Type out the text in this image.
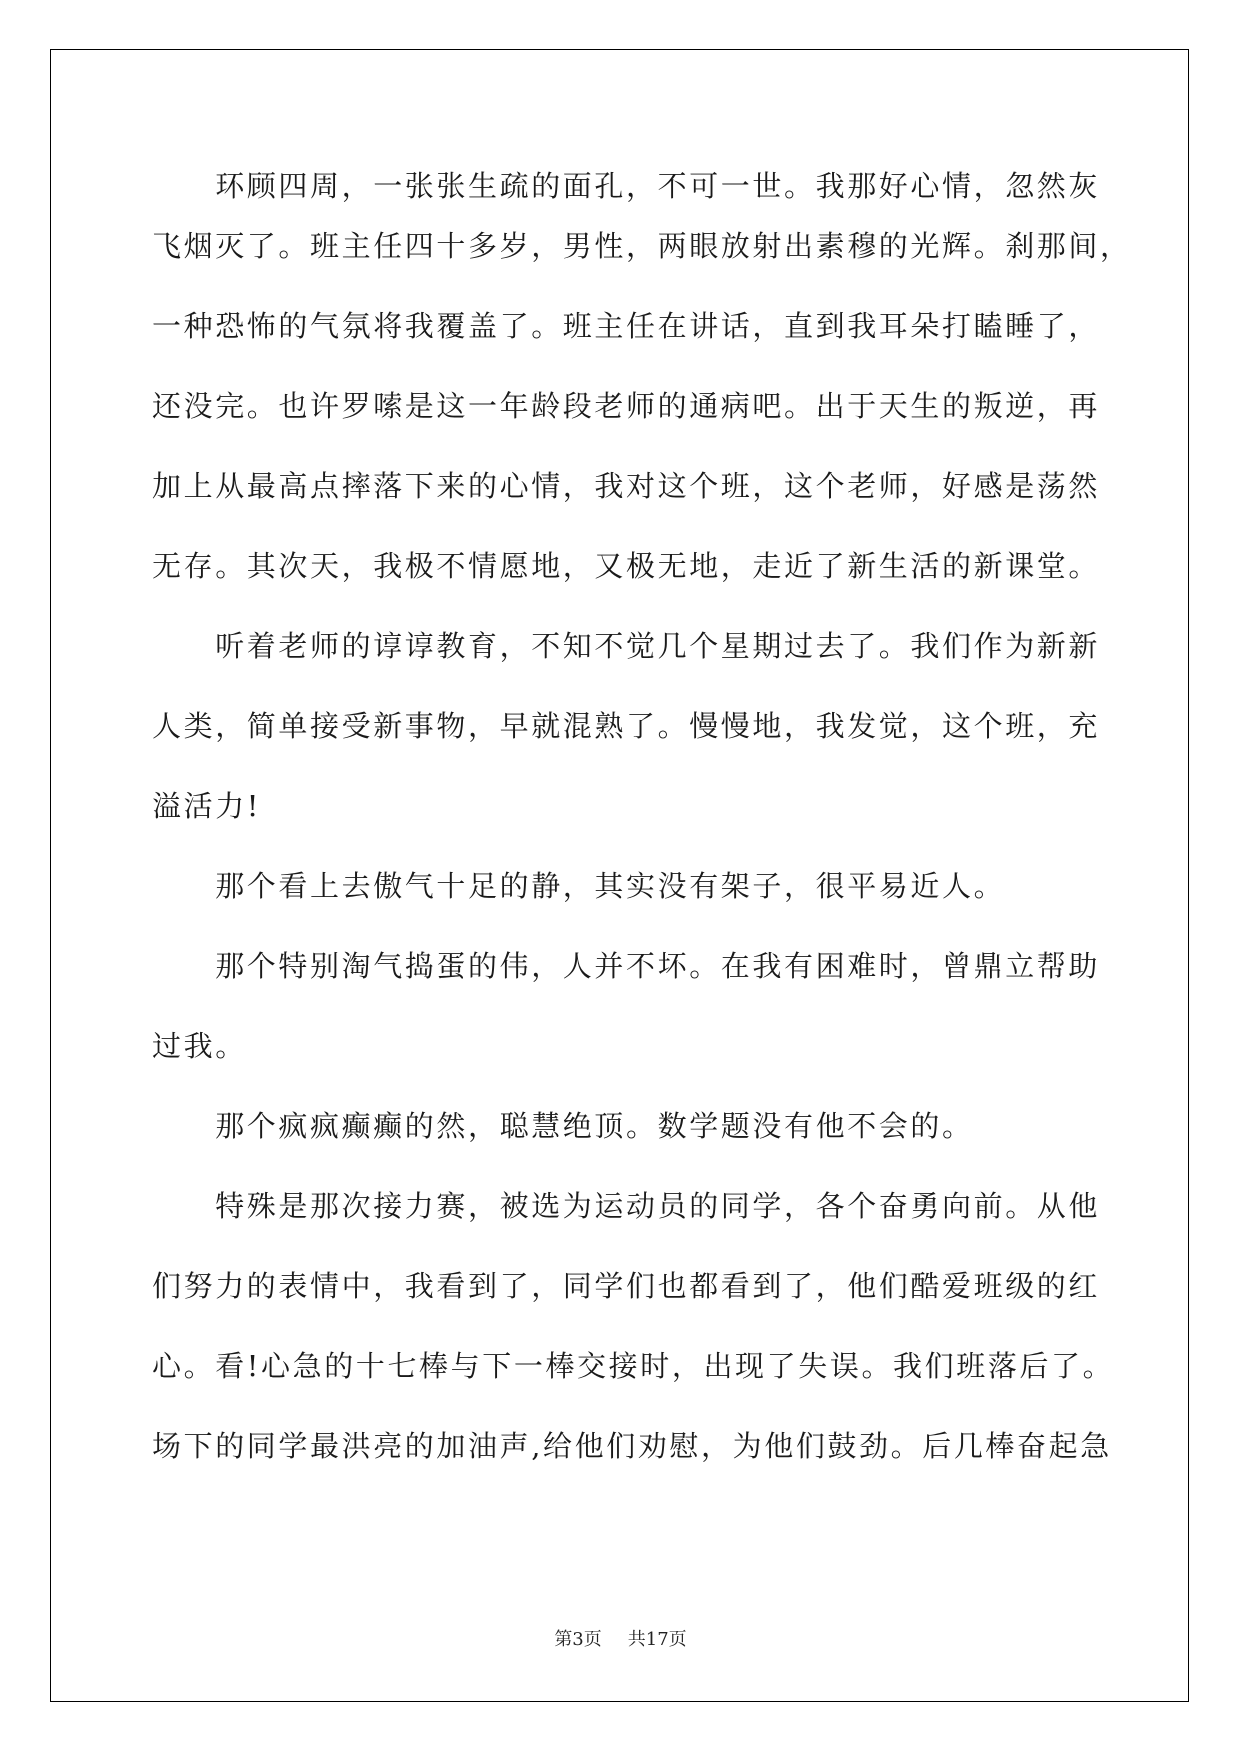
　　环顾四周，一张张生疏的面孔，不可一世。我那好心情，忽然灰
飞烟灭了。班主任四十多岁，男性，两眼放射出素穆的光辉。刹那间，
一种恐怖的气氛将我覆盖了。班主任在讲话，直到我耳朵打瞌睡了，
还没完。也许罗嗦是这一年龄段老师的通病吧。出于天生的叛逆，再
加上从最高点摔落下来的心情，我对这个班，这个老师，好感是荡然
无存。其次天，我极不情愿地，又极无地，走近了新生活的新课堂。
　　听着老师的谆谆教育，不知不觉几个星期过去了。我们作为新新
人类，简单接受新事物，早就混熟了。慢慢地，我发觉，这个班，充
溢活力!
　　那个看上去傲气十足的静，其实没有架子，很平易近人。
　　那个特别淘气捣蛋的伟，人并不坏。在我有困难时，曾鼎立帮助
过我。
　　那个疯疯癫癫的然，聪慧绝顶。数学题没有他不会的。
　　特殊是那次接力赛，被选为运动员的同学，各个奋勇向前。从他
们努力的表情中，我看到了，同学们也都看到了，他们酷爱班级的红
心。看!心急的十七棒与下一棒交接时，出现了失误。我们班落后了。
场下的同学最洪亮的加油声,给他们劝慰，为他们鼓劲。后几棒奋起急
第3页 共17页
